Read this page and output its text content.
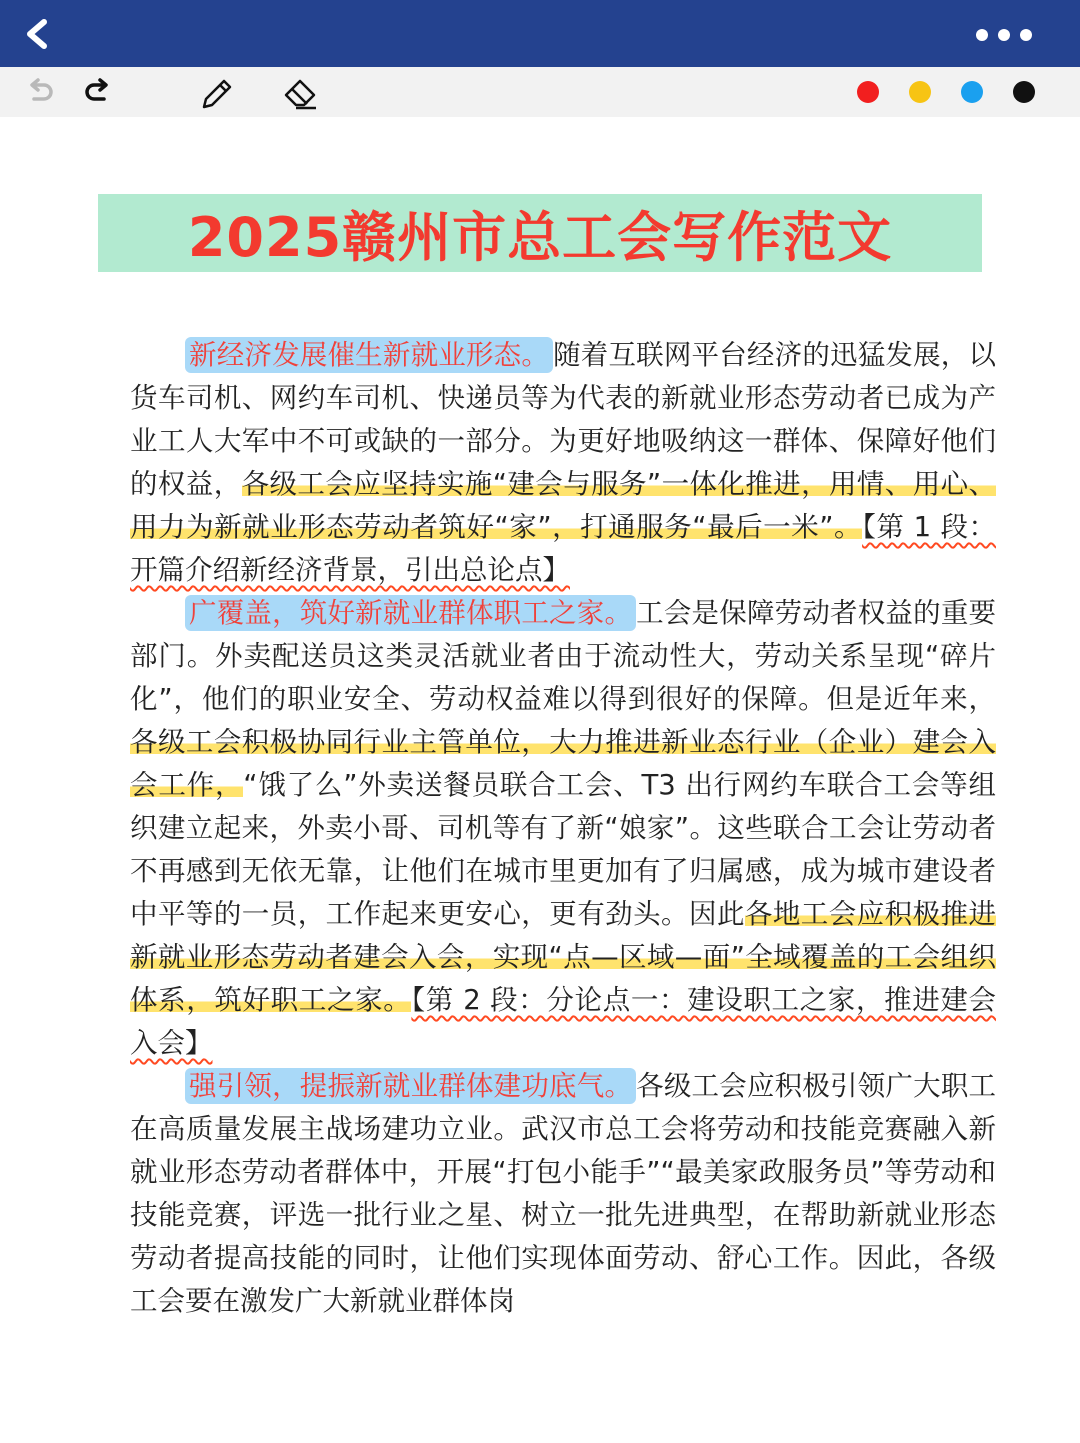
2025赣州市总工会写作范文

新经济发展催生新就业形态。 随着互联网平台经济的迅猛发展，以货车司机、网约车司机、快递员等为代表的新就业形态劳动者已成为产业工人大军中不可或缺的一部分。为更好地吸纳这一群体、保障好他们的权益，各级工会应坚持实施“建会与服务”一体化推进，用情、用心、用力为新就业形态劳动者筑好“家”，打通服务“最后一米”。【第 1 段：开篇介绍新经济背景，引出总论点】

广覆盖，筑好新就业群体职工之家。 工会是保障劳动者权益的重要部门。外卖配送员这类灵活就业者由于流动性大，劳动关系呈现“碎片化”，他们的职业安全、劳动权益难以得到很好的保障。但是近年来，各级工会积极协同行业主管单位，大力推进新业态行业（企业）建会入会工作，“饿了么”外卖送餐员联合工会、T3 出行网约车联合工会等组织建立起来，外卖小哥、司机等有了新“娘家”。这些联合工会让劳动者不再感到无依无靠，让他们在城市里更加有了归属感，成为城市建设者中平等的一员，工作起来更安心，更有劲头。因此各地工会应积极推进新就业形态劳动者建会入会，实现“点—区域—面”全域覆盖的工会组织体系，筑好职工之家。【第 2 段：分论点一：建设职工之家，推进建会入会】

强引领，提振新就业群体建功底气。 各级工会应积极引领广大职工在高质量发展主战场建功立业。武汉市总工会将劳动和技能竞赛融入新就业形态劳动者群体中，开展“打包小能手”“最美家政服务员”等劳动和技能竞赛，评选一批行业之星、树立一批先进典型，在帮助新就业形态劳动者提高技能的同时，让他们实现体面劳动、舒心工作。因此，各级工会要在激发广大新就业群体岗
